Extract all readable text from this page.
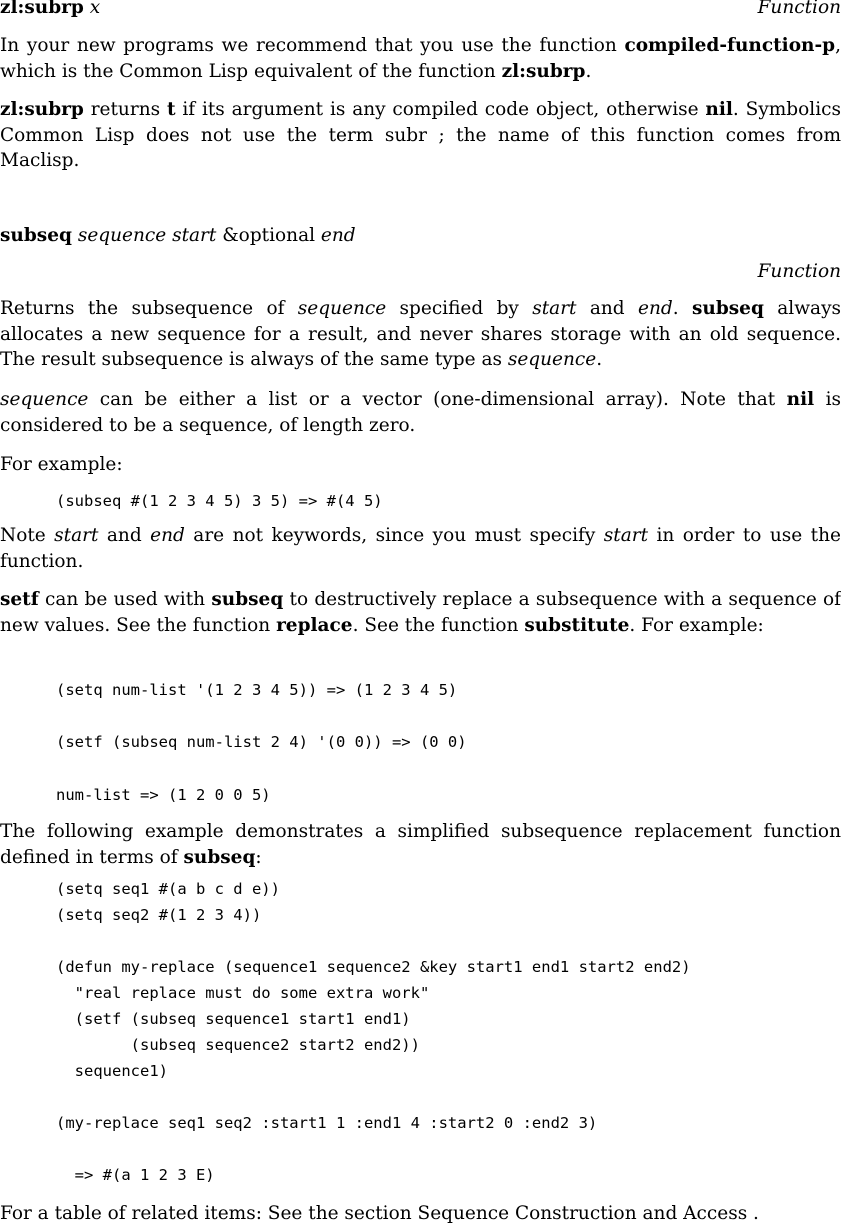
zl:subrp x	Function

In your new programs we recommend that you use the function compiled-function-p, which is the Common Lisp equivalent of the function zl:subrp.

zl:subrp returns t if its argument is any compiled code object, otherwise nil. Symbolics Common Lisp does not use the term subr ; the name of this function comes from Maclisp.

subseq sequence start &optional end
Function

Returns the subsequence of sequence specified by start and end. subseq always allocates a new sequence for a result, and never shares storage with an old sequence. The result subsequence is always of the same type as sequence.

sequence can be either a list or a vector (one-dimensional array). Note that nil is considered to be a sequence, of length zero.

For example:

(subseq #(1 2 3 4 5) 3 5) => #(4 5)

Note start and end are not keywords, since you must specify start in order to use the function.

setf can be used with subseq to destructively replace a subsequence with a sequence of new values. See the function replace. See the function substitute. For example:

(setq num-list '(1 2 3 4 5)) => (1 2 3 4 5)
(setf (subseq num-list 2 4) '(0 0)) => (0 0)
num-list => (1 2 0 0 5)

The following example demonstrates a simplified subsequence replacement function defined in terms of subseq:

(setq seq1 #(a b c d e))
(setq seq2 #(1 2 3 4))

(defun my-replace (sequence1 sequence2 &key start1 end1 start2 end2)
"real replace must do some extra work"
(setf (subseq sequence1 start1 end1)
(subseq sequence2 start2 end2))
sequence1)

(my-replace seq1 seq2 :start1 1 :end1 4 :start2 0 :end2 3)

=> #(a 1 2 3 E)

For a table of related items: See the section Sequence Construction and Access .
